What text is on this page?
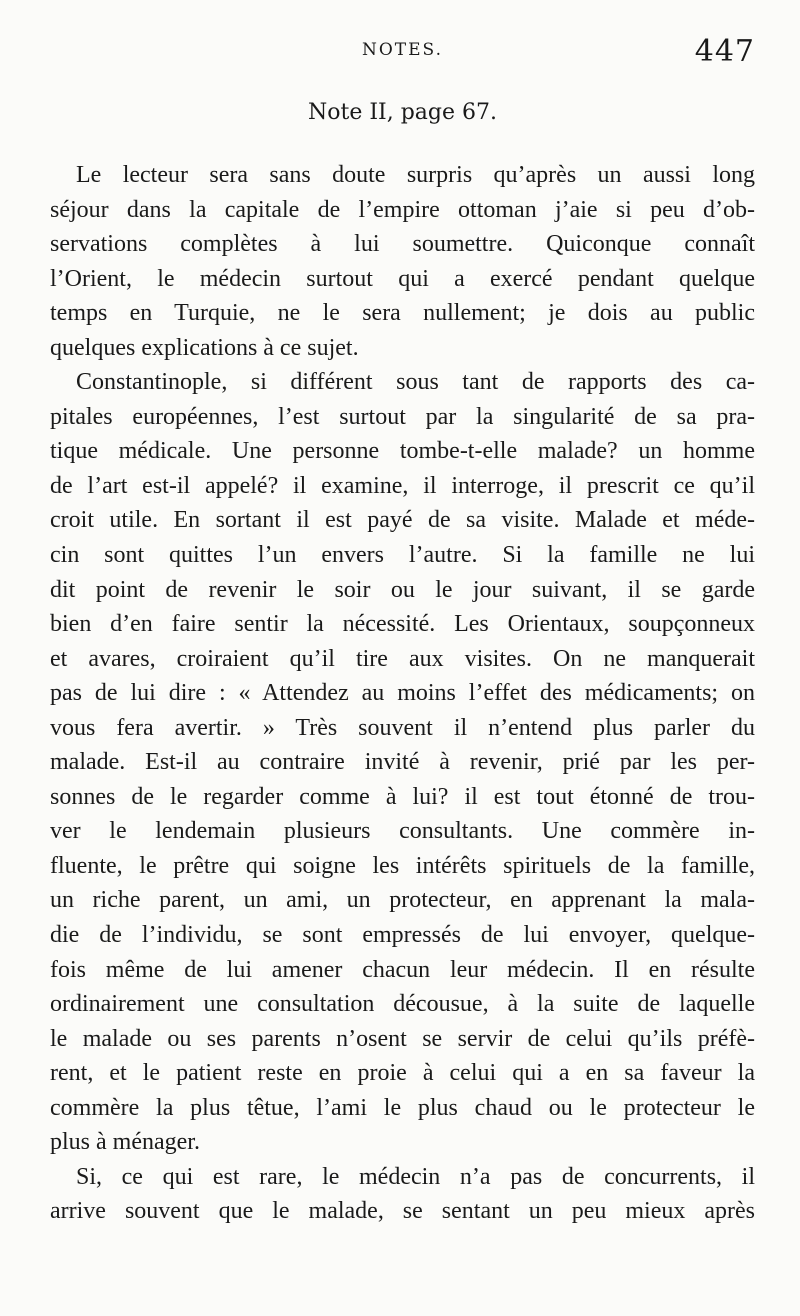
NOTES.	447
Note II, page 67.
Le lecteur sera sans doute surpris qu’après un aussi long
séjour dans la capitale de l’empire ottoman j’aie si peu d’ob-
servations complètes à lui soumettre. Quiconque connaît
l’Orient, le médecin surtout qui a exercé pendant quelque
temps en Turquie, ne le sera nullement; je dois au public
quelques explications à ce sujet.
Constantinople, si différent sous tant de rapports des ca-
pitales européennes, l’est surtout par la singularité de sa pra-
tique médicale. Une personne tombe-t-elle malade? un homme
de l’art est-il appelé? il examine, il interroge, il prescrit ce qu’il
croit utile. En sortant il est payé de sa visite. Malade et méde-
cin sont quittes l’un envers l’autre. Si la famille ne lui
dit point de revenir le soir ou le jour suivant, il se garde
bien d’en faire sentir la nécessité. Les Orientaux, soupçonneux
et avares, croiraient qu’il tire aux visites. On ne manquerait
pas de lui dire : « Attendez au moins l’effet des médicaments; on
vous fera avertir. » Très souvent il n’entend plus parler du
malade. Est-il au contraire invité à revenir, prié par les per-
sonnes de le regarder comme à lui? il est tout étonné de trou-
ver le lendemain plusieurs consultants. Une commère in-
fluente, le prêtre qui soigne les intérêts spirituels de la famille,
un riche parent, un ami, un protecteur, en apprenant la mala-
die de l’individu, se sont empressés de lui envoyer, quelque-
fois même de lui amener chacun leur médecin. Il en résulte
ordinairement une consultation décousue, à la suite de laquelle
le malade ou ses parents n’osent se servir de celui qu’ils préfè-
rent, et le patient reste en proie à celui qui a en sa faveur la
commère la plus têtue, l’ami le plus chaud ou le protecteur le
plus à ménager.
Si, ce qui est rare, le médecin n’a pas de concurrents, il
arrive souvent que le malade, se sentant un peu mieux après
